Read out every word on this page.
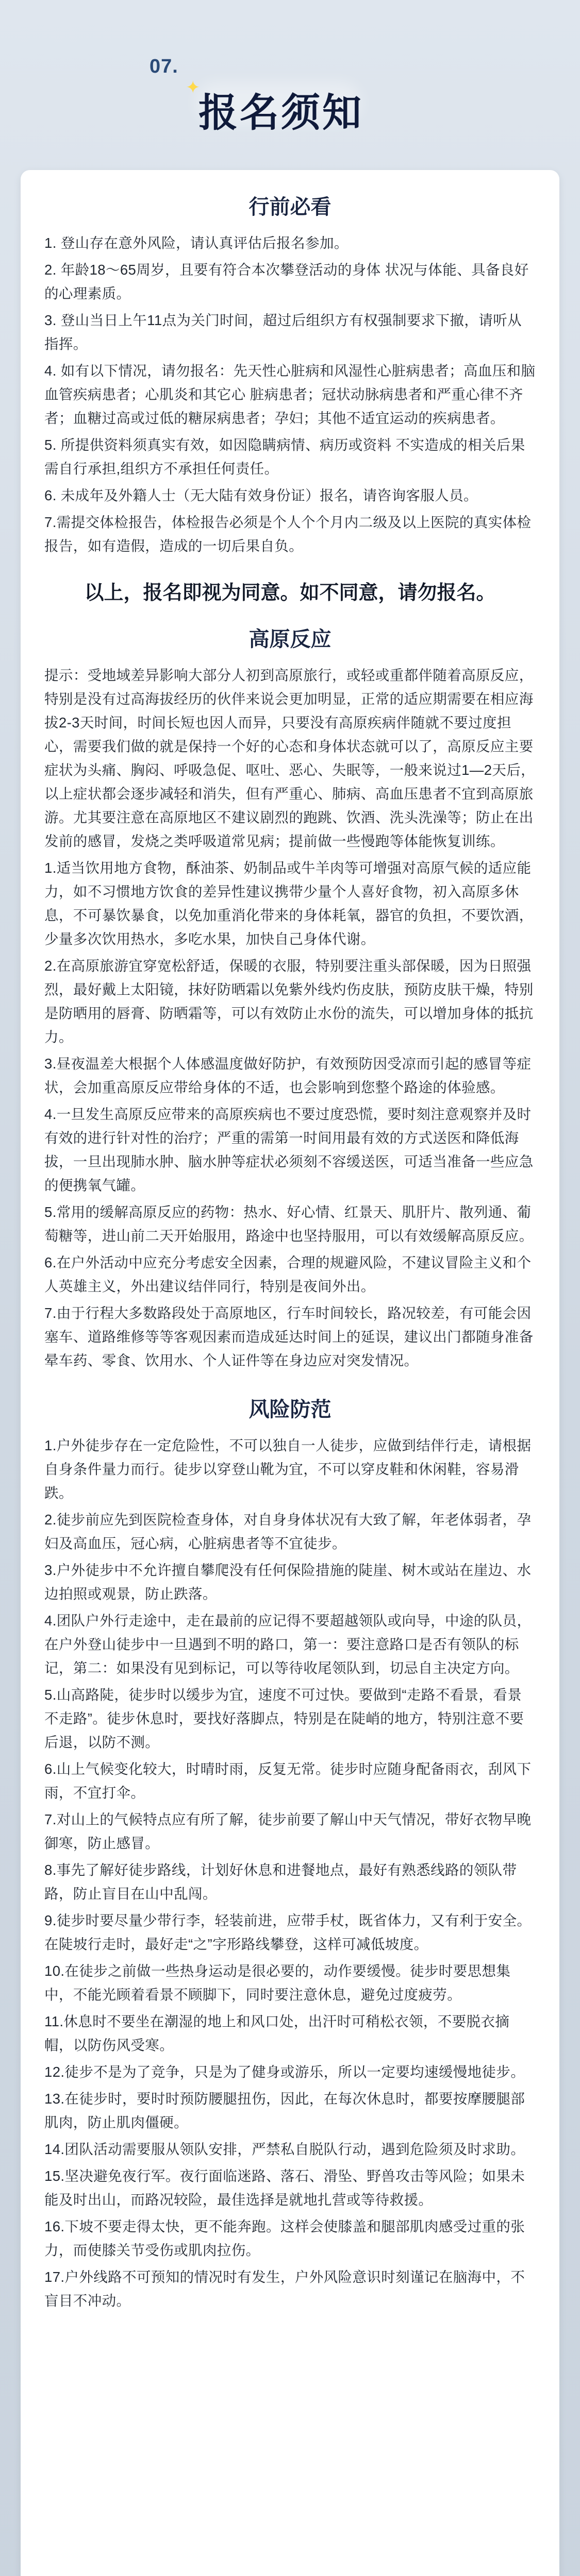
07.
✦
报名须知
行前必看

1. 登山存在意外风险，请认真评估后报名参加。

2. 年龄18～65周岁，且要有符合本次攀登活动的身体 状况与体能、具备良好的心理素质。

3. 登山当日上午11点为关门时间，超过后组织方有权强制要求下撤，请听从指挥。

4. 如有以下情况，请勿报名：先天性心脏病和风湿性心脏病患者；高血压和脑血管疾病患者；心肌炎和其它心 脏病患者；冠状动脉病患者和严重心律不齐者；血糖过高或过低的糖尿病患者；孕妇；其他不适宜运动的疾病患者。

5. 所提供资料须真实有效，如因隐瞒病情、病历或资料 不实造成的相关后果需自行承担,组织方不承担任何责任。

6. 未成年及外籍人士（无大陆有效身份证）报名，请咨询客服人员。

7.需提交体检报告，体检报告必须是个人个个月内二级及以上医院的真实体检报告，如有造假，造成的一切后果自负。

以上，报名即视为同意。如不同意，请勿报名。
高原反应

提示：受地域差异影响大部分人初到高原旅行，或轻或重都伴随着高原反应，特别是没有过高海拔经历的伙伴来说会更加明显，正常的适应期需要在相应海拔2-3天时间，时间长短也因人而异，只要没有高原疾病伴随就不要过度担心，需要我们做的就是保持一个好的心态和身体状态就可以了，高原反应主要症状为头痛、胸闷、呼吸急促、呕吐、恶心、失眠等，一般来说过1—2天后，以上症状都会逐步减轻和消失，但有严重心、肺病、高血压患者不宜到高原旅游。尤其要注意在高原地区不建议剧烈的跑跳、饮酒、洗头洗澡等；防止在出发前的感冒，发烧之类呼吸道常见病；提前做一些慢跑等体能恢复训练。

1.适当饮用地方食物，酥油茶、奶制品或牛羊肉等可增强对高原气候的适应能力，如不习惯地方饮食的差异性建议携带少量个人喜好食物，初入高原多休息，不可暴饮暴食，以免加重消化带来的身体耗氧，器官的负担，不要饮酒，少量多次饮用热水，多吃水果，加快自己身体代谢。

2.在高原旅游宜穿宽松舒适，保暖的衣服，特别要注重头部保暖，因为日照强烈，最好戴上太阳镜，抹好防晒霜以免紫外线灼伤皮肤，预防皮肤干燥，特别是防晒用的唇膏、防晒霜等，可以有效防止水份的流失，可以增加身体的抵抗力。

3.昼夜温差大根据个人体感温度做好防护，有效预防因受凉而引起的感冒等症状，会加重高原反应带给身体的不适，也会影响到您整个路途的体验感。

4.一旦发生高原反应带来的高原疾病也不要过度恐慌，要时刻注意观察并及时有效的进行针对性的治疗；严重的需第一时间用最有效的方式送医和降低海拔，一旦出现肺水肿、脑水肿等症状必须刻不容缓送医，可适当准备一些应急的便携氧气罐。

5.常用的缓解高原反应的药物：热水、好心情、红景天、肌肝片、散列通、葡萄糖等，进山前二天开始服用，路途中也坚持服用，可以有效缓解高原反应。

6.在户外活动中应充分考虑安全因素，合理的规避风险，不建议冒险主义和个人英雄主义，外出建议结伴同行，特别是夜间外出。

7.由于行程大多数路段处于高原地区，行车时间较长，路况较差，有可能会因塞车、道路维修等等客观因素而造成延达时间上的延误，建议出门都随身准备晕车药、零食、饮用水、个人证件等在身边应对突发情况。

风险防范

1.户外徒步存在一定危险性，不可以独自一人徒步，应做到结伴行走，请根据自身条件量力而行。徒步以穿登山靴为宜，不可以穿皮鞋和休闲鞋，容易滑跌。

2.徒步前应先到医院检查身体，对自身身体状况有大致了解，年老体弱者，孕妇及高血压，冠心病，心脏病患者等不宜徒步。

3.户外徒步中不允许擅自攀爬没有任何保险措施的陡崖、树木或站在崖边、水边拍照或观景，防止跌落。

4.团队户外行走途中，走在最前的应记得不要超越领队或向导，中途的队员，在户外登山徒步中一旦遇到不明的路口，第一：要注意路口是否有领队的标记，第二：如果没有见到标记，可以等待收尾领队到，切忌自主决定方向。

5.山高路陡，徒步时以缓步为宜，速度不可过快。要做到“走路不看景，看景不走路”。徒步休息时，要找好落脚点，特别是在陡峭的地方，特别注意不要后退，以防不测。

6.山上气候变化较大，时晴时雨，反复无常。徒步时应随身配备雨衣，刮风下雨，不宜打伞。

7.对山上的气候特点应有所了解，徒步前要了解山中天气情况，带好衣物早晚御寒，防止感冒。

8.事先了解好徒步路线，计划好休息和进餐地点，最好有熟悉线路的领队带路，防止盲目在山中乱闯。

9.徒步时要尽量少带行李，轻装前进，应带手杖，既省体力，又有利于安全。在陡坡行走时，最好走“之”字形路线攀登，这样可减低坡度。

10.在徒步之前做一些热身运动是很必要的，动作要缓慢。徒步时要思想集中，不能光顾着看景不顾脚下，同时要注意休息，避免过度疲劳。

11.休息时不要坐在潮湿的地上和风口处，出汗时可稍松衣领，不要脱衣摘帽，以防伤风受寒。

12.徒步不是为了竞争，只是为了健身或游乐，所以一定要均速缓慢地徒步。

13.在徒步时，要时时预防腰腿扭伤，因此，在每次休息时，都要按摩腰腿部肌肉，防止肌肉僵硬。

14.团队活动需要服从领队安排，严禁私自脱队行动，遇到危险须及时求助。

15.坚决避免夜行军。夜行面临迷路、落石、滑坠、野兽攻击等风险；如果未能及时出山，而路况较险，最佳选择是就地扎营或等待救援。

16.下坡不要走得太快，更不能奔跑。这样会使膝盖和腿部肌肉感受过重的张力，而使膝关节受伤或肌肉拉伤。

17.户外线路不可预知的情况时有发生，户外风险意识时刻谨记在脑海中，不盲目不冲动。
